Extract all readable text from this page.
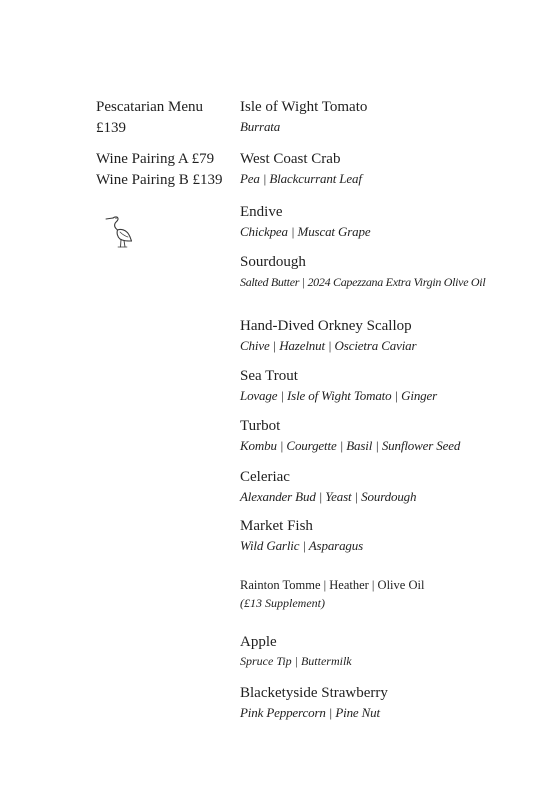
Pescatarian Menu
£139
Wine Pairing A £79
Wine Pairing B £139
Isle of Wight Tomato
Burrata
West Coast Crab
Pea | Blackcurrant Leaf
Endive
Chickpea | Muscat Grape
Sourdough
Salted Butter | 2024 Capezzana Extra Virgin Olive Oil
Hand-Dived Orkney Scallop
Chive | Hazelnut | Oscietra Caviar
Sea Trout
Lovage | Isle of Wight Tomato | Ginger
Turbot
Kombu | Courgette | Basil | Sunflower Seed
Celeriac
Alexander Bud | Yeast | Sourdough
Market Fish
Wild Garlic | Asparagus
Rainton Tomme | Heather | Olive Oil
(£13 Supplement)
Apple
Spruce Tip | Buttermilk
Blacketyside Strawberry
Pink Peppercorn | Pine Nut
